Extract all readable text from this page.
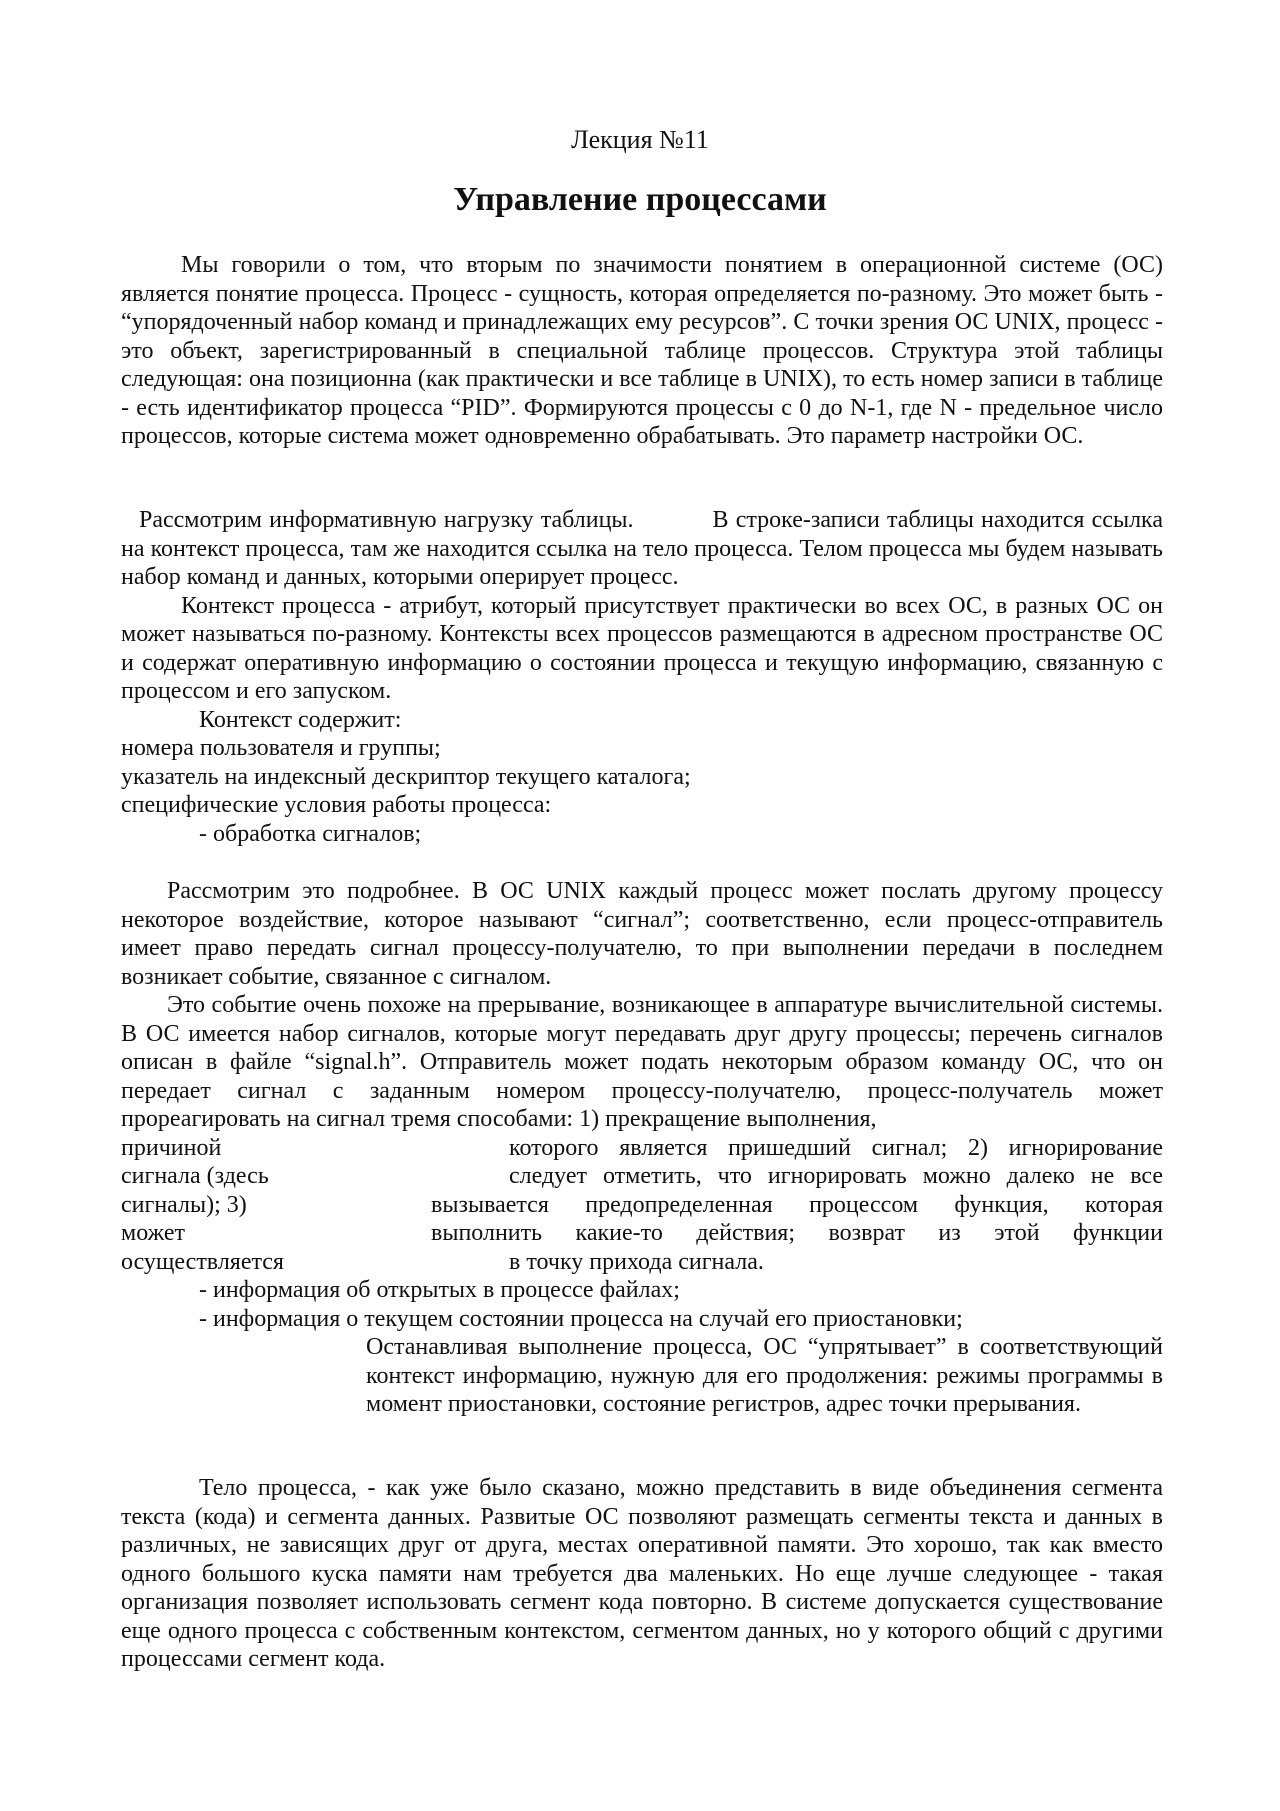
Лекция №11
Управление процессами

Мы говорили о том, что вторым по значимости понятием в операционной системе (ОС) является понятие процесса. Процесс - сущность, которая определяется по-разному. Это может быть - “упорядоченный набор команд и принадлежащих ему ресурсов”. С точки зрения ОС UNIX, процесс - это объект, зарегистрированный в специальной таблице процессов. Структура этой таблицы следующая: она позиционна (как практически и все таблице в UNIX), то есть номер записи в таблице - есть идентификатор процесса “PID”. Формируются процессы с 0 до N-1, где N - предельное число процессов, которые система может одновременно обрабатывать. Это параметр настройки ОС.

Рассмотрим информативную нагрузку таблицы.           В строке-записи таблицы находится ссылка на контекст процесса, там же находится ссылка на тело процесса. Телом процесса мы будем называть набор команд и данных, которыми оперирует процесс.

Контекст процесса - атрибут, который присутствует практически во всех ОС, в разных ОС он может называться по-разному. Контексты всех процессов размещаются в адресном пространстве ОС и содержат оперативную информацию о состоянии процесса и текущую информацию, связанную с процессом и его запуском.

Контекст содержит:
номера пользователя и группы;
указатель на индексный дескриптор текущего каталога;
специфические условия работы процесса:
- обработка сигналов;

Рассмотрим это подробнее. В ОС UNIX каждый процесс может послать другому процессу некоторое воздействие, которое называют “сигнал”; соответственно, если процесс-отправитель имеет право передать сигнал процессу-получателю, то при выполнении передачи в последнем возникает событие, связанное с сигналом.

Это событие очень похоже на прерывание, возникающее в аппаратуре вычислительной системы. В ОС имеется набор сигналов, которые могут передавать друг другу процессы; перечень сигналов описан в файле “signal.h”. Отправитель может подать некоторым образом команду ОС, что он передает сигнал с заданным номером процессу-получателю, процесс-получатель может прореагировать на сигнал тремя способами: 1) прекращение выполнения,

причиной	которого является пришедший сигнал; 2) игнорирование
сигнала (здесь	следует отметить, что игнорировать можно далеко не все
сигналы); 3)	вызывается предопределенная процессом функция, которая
может	выполнить какие-то действия; возврат из этой функции
осуществляется	в точку прихода сигнала.
- информация об открытых в процессе файлах;
- информация о текущем состоянии процесса на случай его приостановки;

Останавливая выполнение процесса, ОС “упрятывает” в соответствующий контекст информацию, нужную для его продолжения: режимы программы в момент приостановки, состояние регистров, адрес точки прерывания.

Тело процесса, - как уже было сказано, можно представить в виде объединения сегмента текста (кода) и сегмента данных. Развитые ОС позволяют размещать сегменты текста и данных в различных, не зависящих друг от друга, местах оперативной памяти. Это хорошо, так как вместо одного большого куска памяти нам требуется два маленьких. Но еще лучше следующее - такая организация позволяет использовать сегмент кода повторно. В системе допускается существование еще одного процесса с собственным контекстом, сегментом данных, но у которого общий с другими процессами сегмент кода.
